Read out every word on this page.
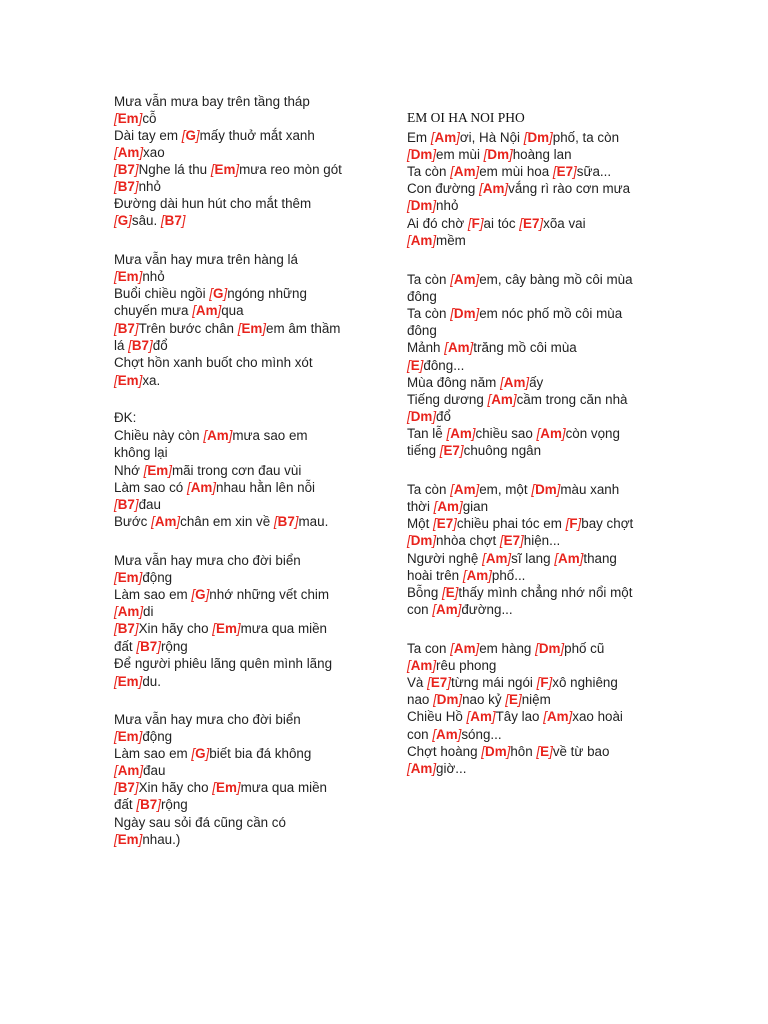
Mưa vẫn mưa bay trên tầng tháp
[Em]cỗ
Dài tay em [G]mấy thuở mắt xanh
[Am]xao
[B7]Nghe lá thu [Em]mưa reo mòn gót
[B7]nhỏ
Đường dài hun hút cho mắt thêm
[G]sâu. [B7]
Mưa vẫn hay mưa trên hàng lá
[Em]nhỏ
Buổi chiều ngồi [G]ngóng những
chuyến mưa [Am]qua
[B7]Trên bước chân [Em]em âm thầm
lá [B7]đổ
Chợt hồn xanh buốt cho mình xót
[Em]xa.
ĐK:
Chiều này còn [Am]mưa sao em
không lại
Nhớ [Em]mãi trong cơn đau vùi
Làm sao có [Am]nhau hằn lên nỗi
[B7]đau
Bước [Am]chân em xin về [B7]mau.
Mưa vẫn hay mưa cho đời biển
[Em]động
Làm sao em [G]nhớ những vết chim
[Am]di
[B7]Xin hãy cho [Em]mưa qua miền
đất [B7]rộng
Để người phiêu lãng quên mình lãng
[Em]du.
Mưa vẫn hay mưa cho đời biển
[Em]động
Làm sao em [G]biết bia đá không
[Am]đau
[B7]Xin hãy cho [Em]mưa qua miền
đất [B7]rộng
Ngày sau sỏi đá cũng cần có
[Em]nhau.)
EM OI HA NOI PHO
Em [Am]ơi, Hà Nội [Dm]phố, ta còn
[Dm]em mùi [Dm]hoàng lan
Ta còn [Am]em mùi hoa [E7]sữa...
Con đường [Am]vắng rì rào cơn mưa
[Dm]nhỏ
Ai đó chờ [F]ai tóc [E7]xõa vai
[Am]mềm
Ta còn [Am]em, cây bàng mồ côi mùa
đông
Ta còn [Dm]em nóc phố mồ côi mùa
đông
Mảnh [Am]trăng mồ côi mùa
[E]đông...
Mùa đông năm [Am]ấy
Tiếng dương [Am]cầm trong căn nhà
[Dm]đổ
Tan lễ [Am]chiều sao [Am]còn vọng
tiếng [E7]chuông ngân
Ta còn [Am]em, một [Dm]màu xanh
thời [Am]gian
Một [E7]chiều phai tóc em [F]bay chợt
[Dm]nhòa chợt [E7]hiện...
Người nghệ [Am]sĩ lang [Am]thang
hoài trên [Am]phố...
Bỗng [E]thấy mình chẳng nhớ nổi một
con [Am]đường...
Ta con [Am]em hàng [Dm]phố cũ
[Am]rêu phong
Và [E7]từng mái ngói [F]xô nghiêng
nao [Dm]nao kỷ [E]niệm
Chiều Hồ [Am]Tây lao [Am]xao hoài
con [Am]sóng...
Chợt hoàng [Dm]hôn [E]về từ bao
[Am]giờ...
